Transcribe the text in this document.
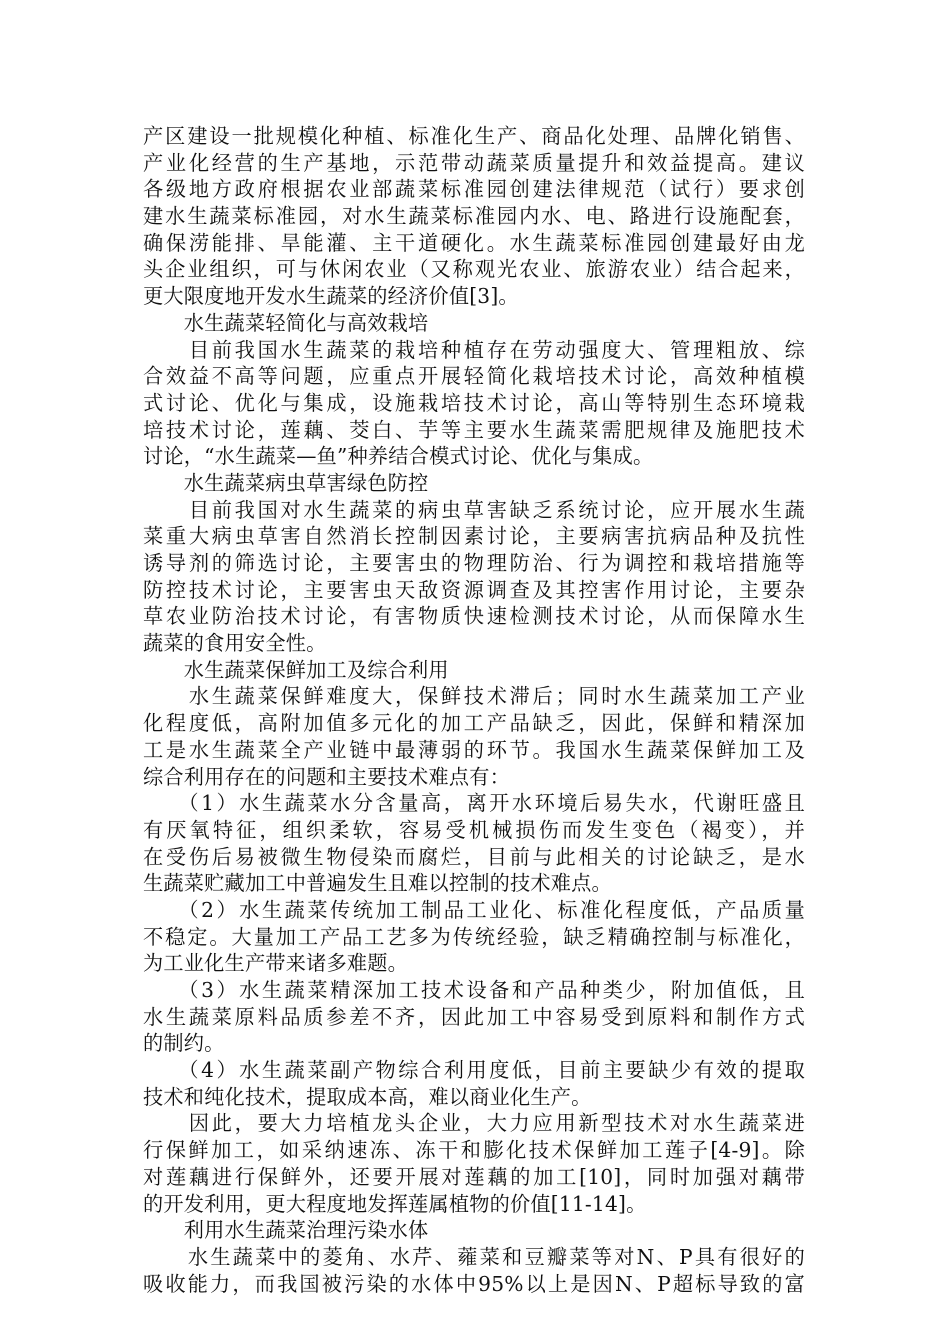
产区建设一批规模化种植、标准化生产、商品化处理、品牌化销售、
产业化经营的生产基地，示范带动蔬菜质量提升和效益提高。建议
各级地方政府根据农业部蔬菜标准园创建法律规范（试行）要求创
建水生蔬菜标准园，对水生蔬菜标准园内水、电、路进行设施配套，
确保涝能排、旱能灌、主干道硬化。水生蔬菜标准园创建最好由龙
头企业组织，可与休闲农业（又称观光农业、旅游农业）结合起来，
更大限度地开发水生蔬菜的经济价值[3]。
　　水生蔬菜轻简化与高效栽培
　　目前我国水生蔬菜的栽培种植存在劳动强度大、管理粗放、综
合效益不高等问题，应重点开展轻简化栽培技术讨论，高效种植模
式讨论、优化与集成，设施栽培技术讨论，高山等特别生态环境栽
培技术讨论，莲藕、茭白、芋等主要水生蔬菜需肥规律及施肥技术
讨论，“水生蔬菜—鱼”种养结合模式讨论、优化与集成。
　　水生蔬菜病虫草害绿色防控
　　目前我国对水生蔬菜的病虫草害缺乏系统讨论，应开展水生蔬
菜重大病虫草害自然消长控制因素讨论，主要病害抗病品种及抗性
诱导剂的筛选讨论，主要害虫的物理防治、行为调控和栽培措施等
防控技术讨论，主要害虫天敌资源调查及其控害作用讨论，主要杂
草农业防治技术讨论，有害物质快速检测技术讨论，从而保障水生
蔬菜的食用安全性。
　　水生蔬菜保鲜加工及综合利用
　　水生蔬菜保鲜难度大，保鲜技术滞后；同时水生蔬菜加工产业
化程度低，高附加值多元化的加工产品缺乏，因此，保鲜和精深加
工是水生蔬菜全产业链中最薄弱的环节。我国水生蔬菜保鲜加工及
综合利用存在的问题和主要技术难点有：
　　（1）水生蔬菜水分含量高，离开水环境后易失水，代谢旺盛且
有厌氧特征，组织柔软，容易受机械损伤而发生变色（褐变），并
在受伤后易被微生物侵染而腐烂，目前与此相关的讨论缺乏，是水
生蔬菜贮藏加工中普遍发生且难以控制的技术难点。
　　（2）水生蔬菜传统加工制品工业化、标准化程度低，产品质量
不稳定。大量加工产品工艺多为传统经验，缺乏精确控制与标准化，
为工业化生产带来诸多难题。
　　（3）水生蔬菜精深加工技术设备和产品种类少，附加值低，且
水生蔬菜原料品质参差不齐，因此加工中容易受到原料和制作方式
的制约。
　　（4）水生蔬菜副产物综合利用度低，目前主要缺少有效的提取
技术和纯化技术，提取成本高，难以商业化生产。
　　因此，要大力培植龙头企业，大力应用新型技术对水生蔬菜进
行保鲜加工，如采纳速冻、冻干和膨化技术保鲜加工莲子[4-9]。除
对莲藕进行保鲜外，还要开展对莲藕的加工[10]，同时加强对藕带
的开发利用，更大程度地发挥莲属植物的价值[11-14]。
　　利用水生蔬菜治理污染水体
　　水生蔬菜中的菱角、水芹、蕹菜和豆瓣菜等对N、P具有很好的
吸收能力，而我国被污染的水体中95%以上是因N、P超标导致的富
